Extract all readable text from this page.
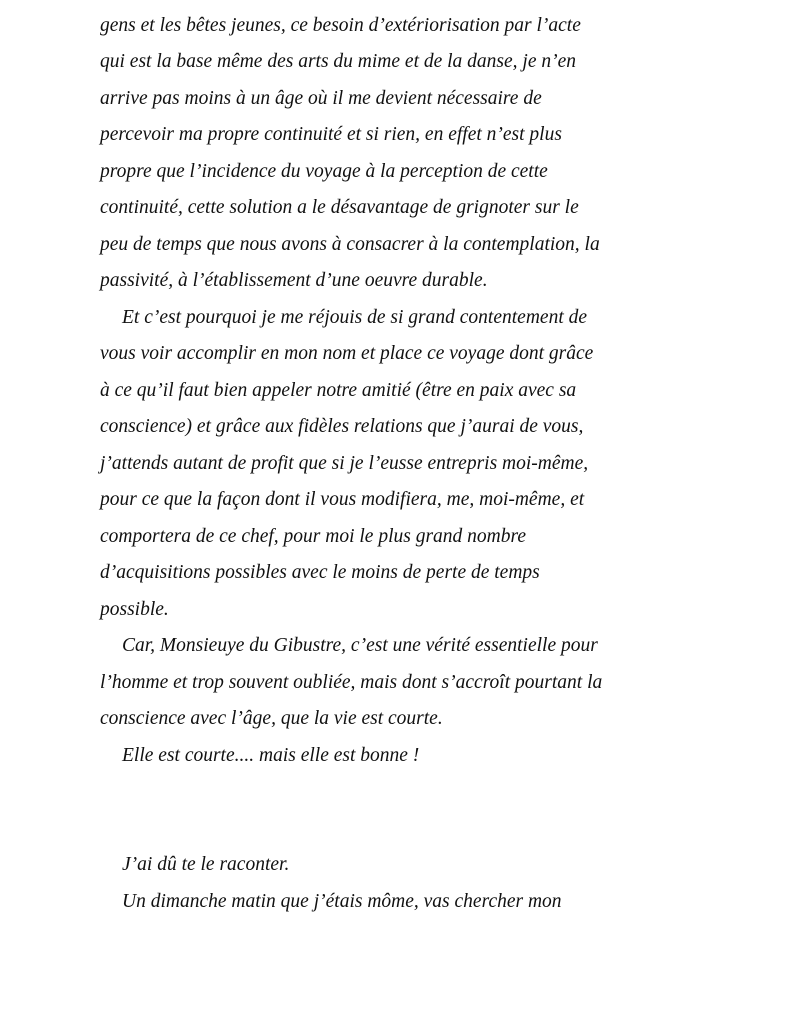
gens et les bêtes jeunes, ce besoin d’extériorisation par l’acte

qui est la base même des arts du mime et de la danse, je n’en

arrive pas moins à un âge où il me devient nécessaire de

percevoir ma propre continuité et si rien, en effet n’est plus

propre que l’incidence du voyage à la perception de cette

continuité, cette solution a le désavantage de grignoter sur le

peu de temps que nous avons à consacrer à la contemplation, la

passivité, à l’établissement d’une oeuvre durable.

Et c’est pourquoi je me réjouis de si grand contentement de

vous voir accomplir en mon nom et place ce voyage dont grâce

à ce qu’il faut bien appeler notre amitié (être en paix avec sa

conscience) et grâce aux fidèles relations que j’aurai de vous,

j’attends autant de profit que si je l’eusse entrepris moi-même,

pour ce que la façon dont il vous modifiera, me, moi-même, et

comportera de ce chef, pour moi le plus grand nombre

d’acquisitions possibles avec le moins de perte de temps

possible.

Car, Monsieuye du Gibustre, c’est une vérité essentielle pour

l’homme et trop souvent oubliée, mais dont s’accroît pourtant la

conscience avec l’âge, que la vie est courte.

Elle est courte.... mais elle est bonne !

J’ai dû te le raconter.

Un dimanche matin que j’étais môme, vas chercher mon
